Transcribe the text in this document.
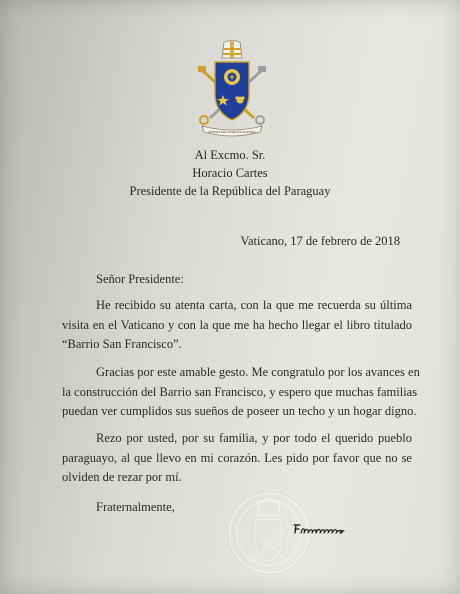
MISERANDO ATQUE ELIGENDO
Al Excmo. Sr.
Horacio Cartes
Presidente de la República del Paraguay
Vaticano, 17 de febrero de 2018
Señor Presidente:
He recibido su atenta carta, con la que me recuerda su última
visita en el Vaticano y con la que me ha hecho llegar el libro titulado
“Barrio San Francisco”.
Gracias por este amable gesto. Me congratulo por los avances en
la construcción del Barrio san Francisco, y espero que muchas familias
puedan ver cumplidos sus sueños de poseer un techo y un hogar digno.
Rezo por usted, por su familia, y por todo el querido pueblo
paraguayo, al que llevo en mi corazón. Les pido por favor que no se
olviden de rezar por mí.
Fraternalmente,
